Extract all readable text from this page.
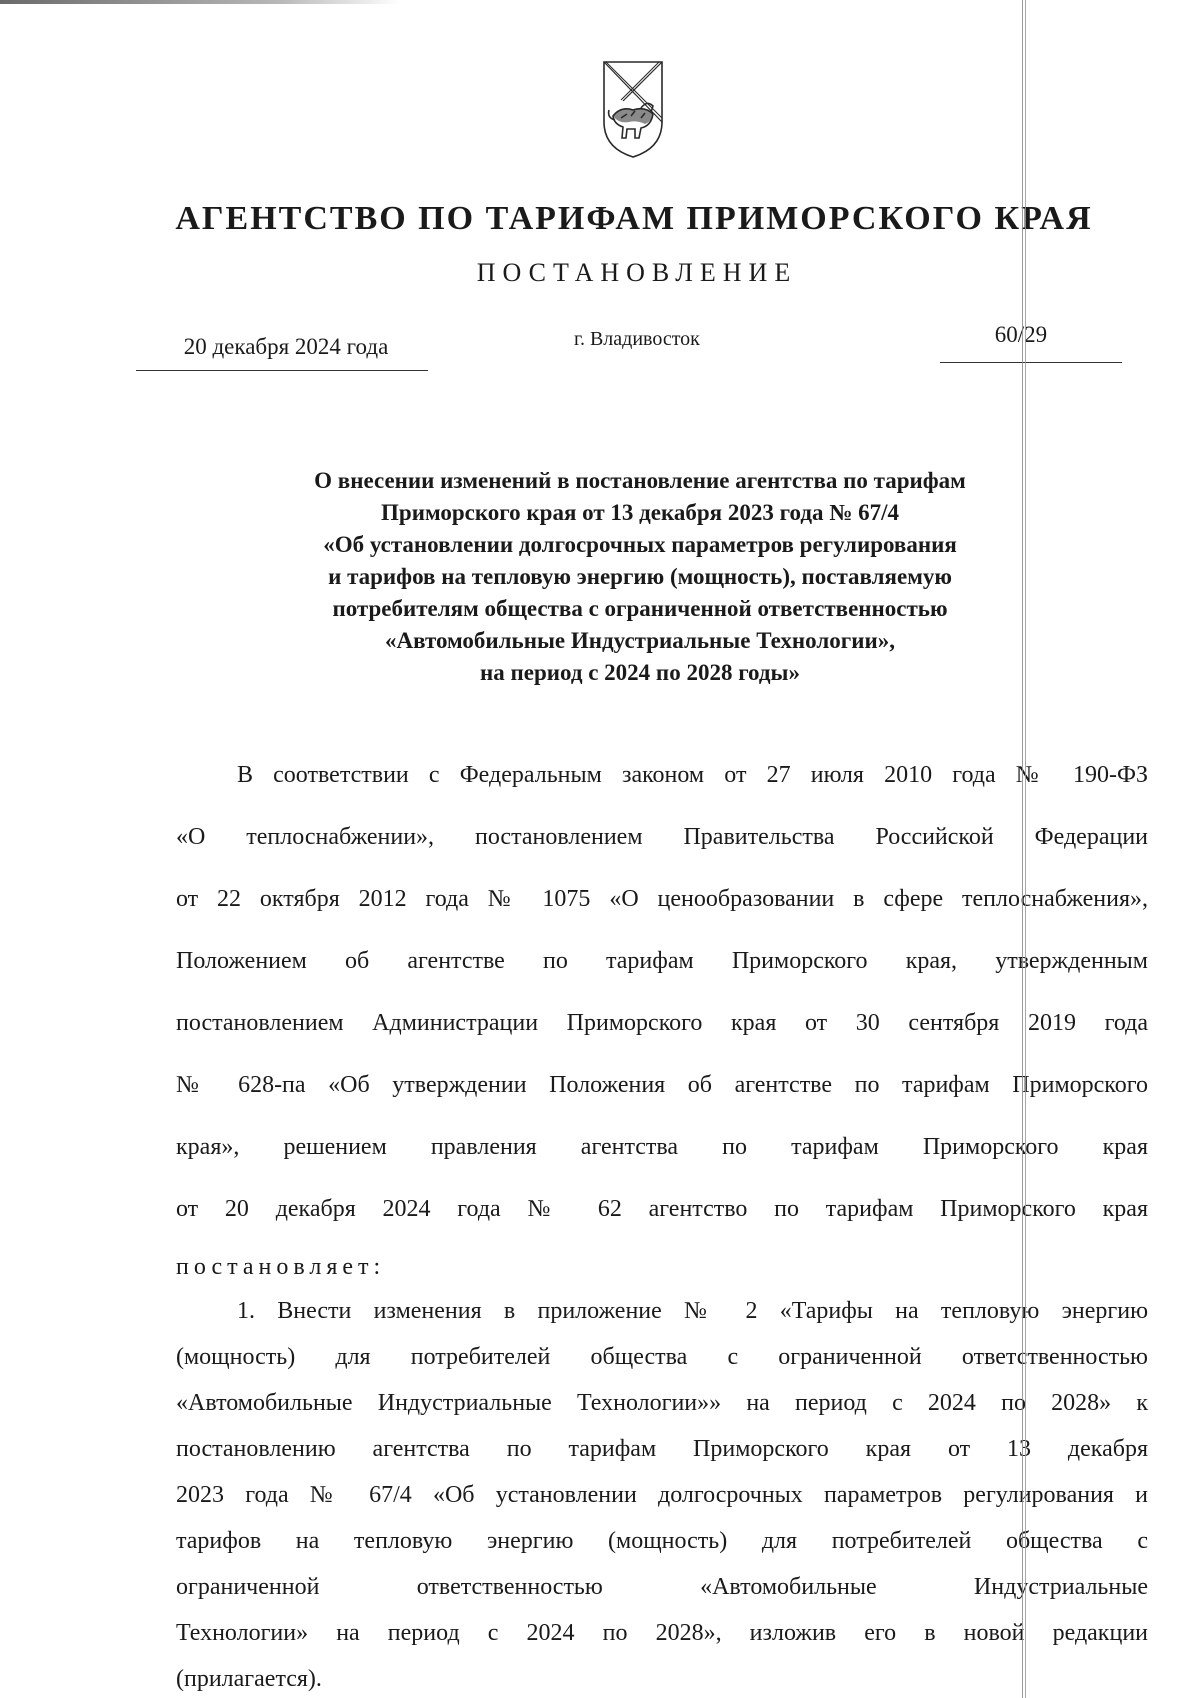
АГЕНТСТВО ПО ТАРИФАМ ПРИМОРСКОГО КРАЯ
ПОСТАНОВЛЕНИЕ
20 декабря 2024 года	г. Владивосток	60/29
О внесении изменений в постановление агентства по тарифам
Приморского края от 13 декабря 2023 года № 67/4
«Об установлении долгосрочных параметров регулирования
и тарифов на тепловую энергию (мощность), поставляемую
потребителям общества с ограниченной ответственностью
«Автомобильные Индустриальные Технологии»,
на период с 2024 по 2028 годы»
В соответствии с Федеральным законом от 27 июля 2010 года № 190-ФЗ
«О теплоснабжении», постановлением Правительства Российской Федерации
от 22 октября 2012 года № 1075 «О ценообразовании в сфере теплоснабжения»,
Положением об агентстве по тарифам Приморского края, утвержденным
постановлением Администрации Приморского края от 30 сентября 2019 года
№ 628-па «Об утверждении Положения об агентстве по тарифам Приморского
края», решением правления агентства по тарифам Приморского края
от 20 декабря 2024 года № 62 агентство по тарифам Приморского края
постановляет:
1. Внести изменения в приложение № 2 «Тарифы на тепловую энергию
(мощность) для потребителей общества с ограниченной ответственностью
«Автомобильные Индустриальные Технологии»» на период с 2024 по 2028» к
постановлению агентства по тарифам Приморского края от 13 декабря
2023 года № 67/4 «Об установлении долгосрочных параметров регулирования и
тарифов на тепловую энергию (мощность) для потребителей общества с
ограниченной ответственностью «Автомобильные Индустриальные
Технологии» на период с 2024 по 2028», изложив его в новой редакции
(прилагается).
